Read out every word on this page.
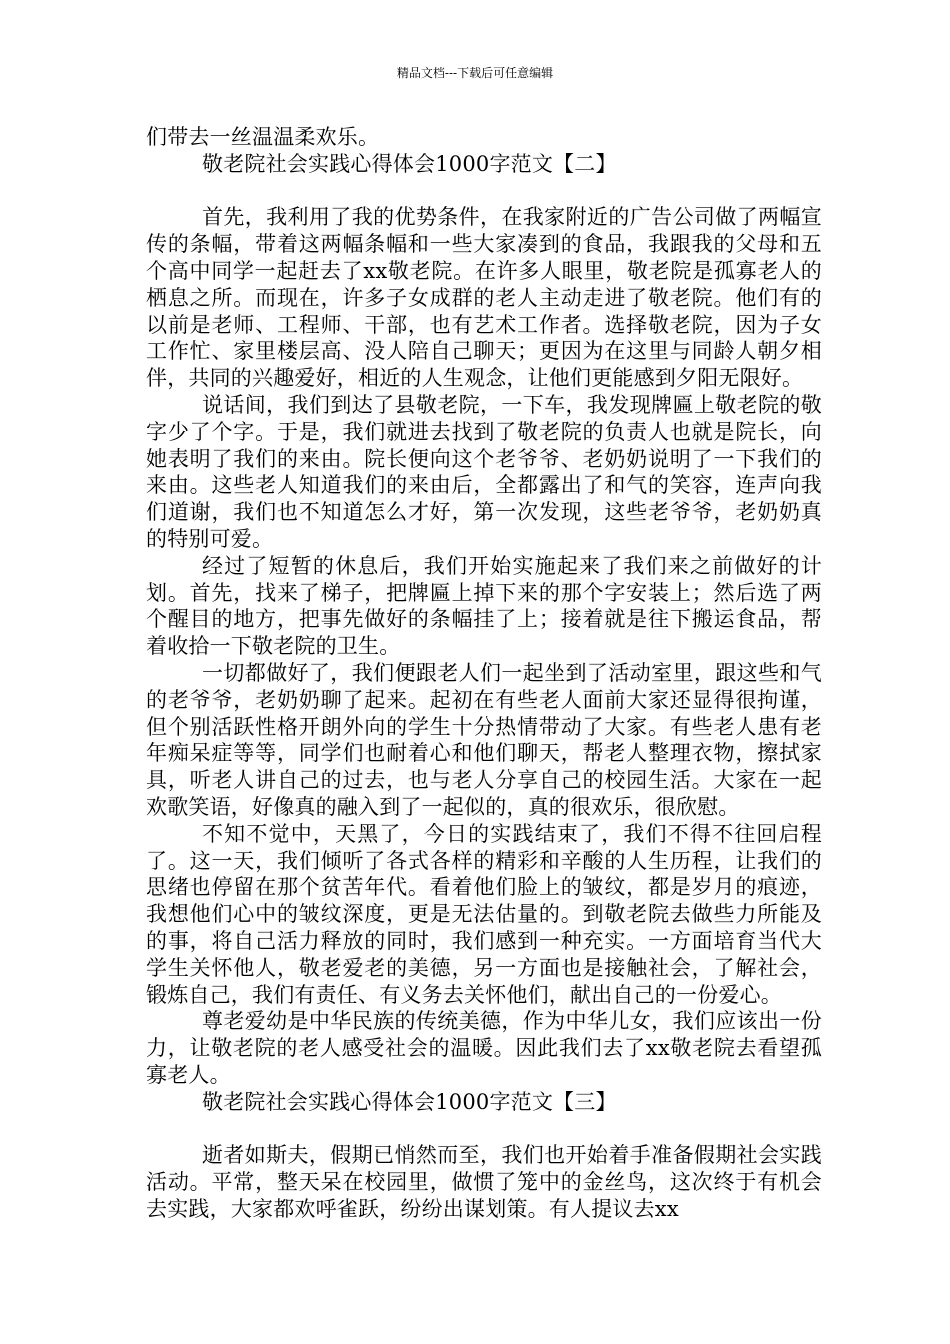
精品文档---下载后可任意编辑

们带去一丝温温柔欢乐。

敬老院社会实践心得体会1000字范文【二】

首先，我利用了我的优势条件，在我家附近的广告公司做了两幅宣传的条幅，带着这两幅条幅和一些大家凑到的食品，我跟我的父母和五个高中同学一起赶去了xx敬老院。在许多人眼里，敬老院是孤寡老人的栖息之所。而现在，许多子女成群的老人主动走进了敬老院。他们有的以前是老师、工程师、干部，也有艺术工作者。选择敬老院，因为子女工作忙、家里楼层高、没人陪自己聊天；更因为在这里与同龄人朝夕相伴，共同的兴趣爱好，相近的人生观念，让他们更能感到夕阳无限好。

说话间，我们到达了县敬老院，一下车，我发现牌匾上敬老院的敬字少了个字。于是，我们就进去找到了敬老院的负责人也就是院长，向她表明了我们的来由。院长便向这个老爷爷、老奶奶说明了一下我们的来由。这些老人知道我们的来由后，全都露出了和气的笑容，连声向我们道谢，我们也不知道怎么才好，第一次发现，这些老爷爷，老奶奶真的特别可爱。

经过了短暂的休息后，我们开始实施起来了我们来之前做好的计划。首先，找来了梯子，把牌匾上掉下来的那个字安装上；然后选了两个醒目的地方，把事先做好的条幅挂了上；接着就是往下搬运食品，帮着收拾一下敬老院的卫生。

一切都做好了，我们便跟老人们一起坐到了活动室里，跟这些和气的老爷爷，老奶奶聊了起来。起初在有些老人面前大家还显得很拘谨，但个别活跃性格开朗外向的学生十分热情带动了大家。有些老人患有老年痴呆症等等，同学们也耐着心和他们聊天，帮老人整理衣物，擦拭家具，听老人讲自己的过去，也与老人分享自己的校园生活。大家在一起欢歌笑语，好像真的融入到了一起似的，真的很欢乐，很欣慰。

不知不觉中，天黑了，今日的实践结束了，我们不得不往回启程了。这一天，我们倾听了各式各样的精彩和辛酸的人生历程，让我们的思绪也停留在那个贫苦年代。看着他们脸上的皱纹，都是岁月的痕迹，我想他们心中的皱纹深度，更是无法估量的。到敬老院去做些力所能及的事，将自己活力释放的同时，我们感到一种充实。一方面培育当代大学生关怀他人，敬老爱老的美德，另一方面也是接触社会，了解社会，锻炼自己，我们有责任、有义务去关怀他们，献出自己的一份爱心。

尊老爱幼是中华民族的传统美德，作为中华儿女，我们应该出一份力，让敬老院的老人感受社会的温暖。因此我们去了xx敬老院去看望孤寡老人。

敬老院社会实践心得体会1000字范文【三】

逝者如斯夫，假期已悄然而至，我们也开始着手准备假期社会实践活动。平常，整天呆在校园里，做惯了笼中的金丝鸟，这次终于有机会去实践，大家都欢呼雀跃，纷纷出谋划策。有人提议去xx
